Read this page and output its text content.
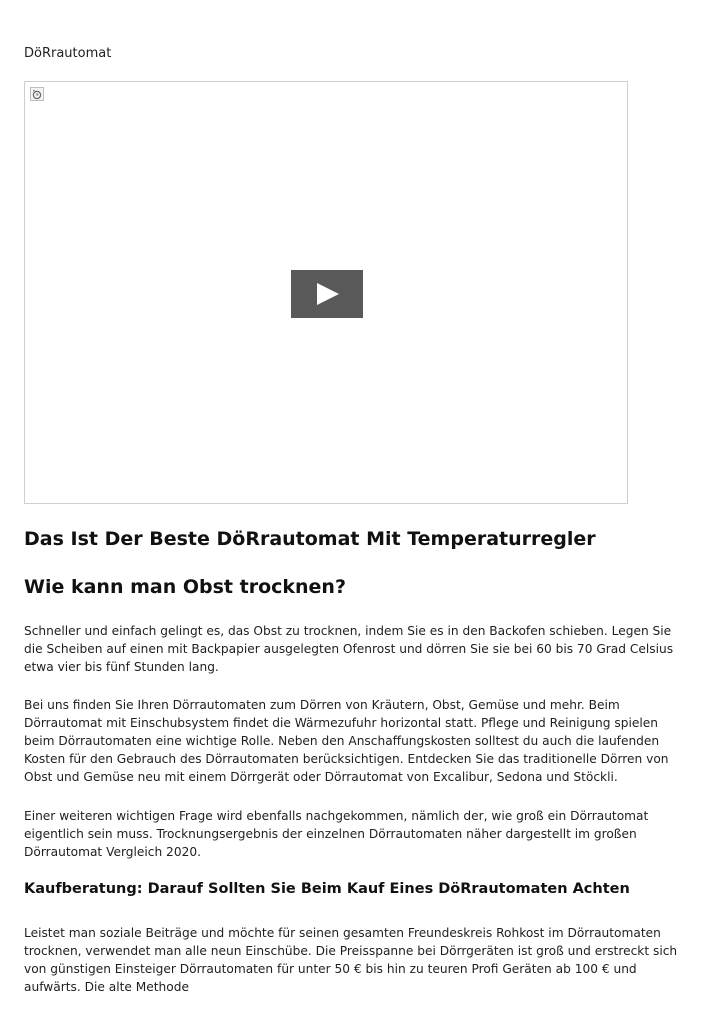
DöRrautomat
Das Ist Der Beste DöRrautomat Mit Temperaturregler
Wie kann man Obst trocknen?

Schneller und einfach gelingt es, das Obst zu trocknen, indem Sie es in den Backofen schieben. Legen Sie die Scheiben auf einen mit Backpapier ausgelegten Ofenrost und dörren Sie sie bei 60 bis 70 Grad Celsius etwa vier bis fünf Stunden lang.

Bei uns finden Sie Ihren Dörrautomaten zum Dörren von Kräutern, Obst, Gemüse und mehr. Beim Dörrautomat mit Einschubsystem findet die Wärmezufuhr horizontal statt. Pflege und Reinigung spielen beim Dörrautomaten eine wichtige Rolle. Neben den Anschaffungskosten solltest du auch die laufenden Kosten für den Gebrauch des Dörrautomaten berücksichtigen. Entdecken Sie das traditionelle Dörren von Obst und Gemüse neu mit einem Dörrgerät oder Dörrautomat von Excalibur, Sedona und Stöckli.

Einer weiteren wichtigen Frage wird ebenfalls nachgekommen, nämlich der, wie groß ein Dörrautomat eigentlich sein muss. Trocknungsergebnis der einzelnen Dörrautomaten näher dargestellt im großen Dörrautomat Vergleich 2020.

Kaufberatung: Darauf Sollten Sie Beim Kauf Eines DöRrautomaten Achten

Leistet man soziale Beiträge und möchte für seinen gesamten Freundeskreis Rohkost im Dörrautomaten trocknen, verwendet man alle neun Einschübe. Die Preisspanne bei Dörrgeräten ist groß und erstreckt sich von günstigen Einsteiger Dörrautomaten für unter 50 € bis hin zu teuren Profi Geräten ab 100 € und aufwärts. Die alte Methode
